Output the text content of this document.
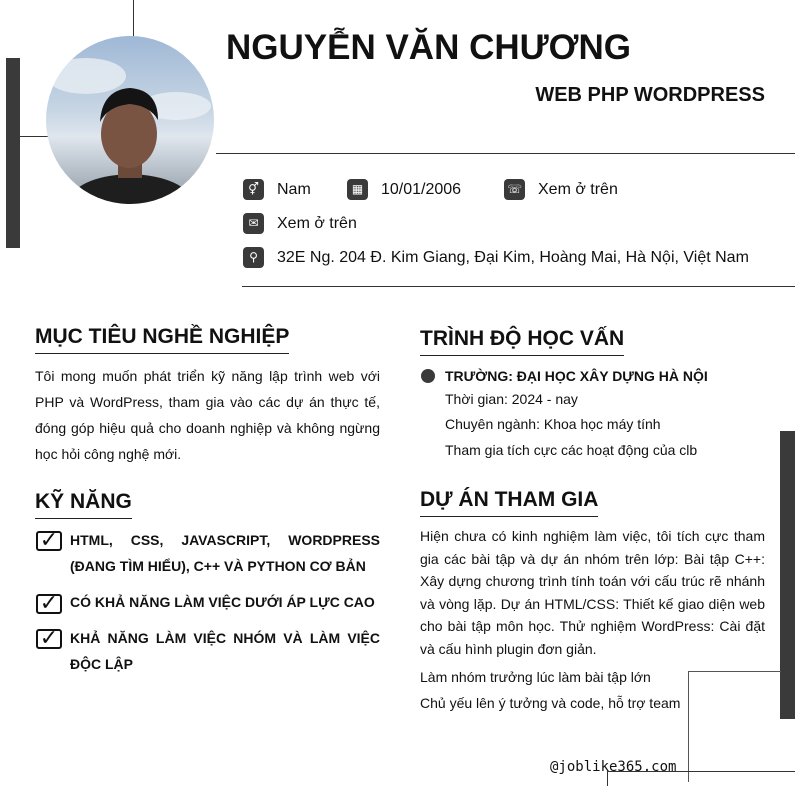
NGUYỄN VĂN CHƯƠNG
WEB PHP WORDPRESS
⚥	Nam	▦	10/01/2006	☏ Xem ở trên
✉	Xem ở trên
⚲	32E Ng. 204 Đ. Kim Giang, Đại Kim, Hoàng Mai, Hà Nội, Việt Nam
MỤC TIÊU NGHỀ NGHIỆP
Tôi mong muốn phát triển kỹ năng lập trình web với PHP và WordPress, tham gia vào các dự án thực tế, đóng góp hiệu quả cho doanh nghiệp và không ngừng học hỏi công nghệ mới.
KỸ NĂNG
✓ HTML, CSS, JAVASCRIPT, WORDPRESS (ĐANG TÌM HIỂU), C++ VÀ PYTHON CƠ BẢN
✓ CÓ KHẢ NĂNG LÀM VIỆC DƯỚI ÁP LỰC CAO
✓ KHẢ NĂNG LÀM VIỆC NHÓM VÀ LÀM VIỆC ĐỘC LẬP
TRÌNH ĐỘ HỌC VẤN
TRƯỜNG: ĐẠI HỌC XÂY DỰNG HÀ NỘI
Thời gian: 2024 - nay
Chuyên ngành: Khoa học máy tính
Tham gia tích cực các hoạt động của clb
DỰ ÁN THAM GIA
Hiện chưa có kinh nghiệm làm việc, tôi tích cực tham gia các bài tập và dự án nhóm trên lớp: Bài tập C++: Xây dựng chương trình tính toán với cấu trúc rẽ nhánh và vòng lặp. Dự án HTML/CSS: Thiết kế giao diện web cho bài tập môn học. Thử nghiệm WordPress: Cài đặt và cấu hình plugin đơn giản.
Làm nhóm trưởng lúc làm bài tập lớn
Chủ yếu lên ý tưởng và code, hỗ trợ team
@joblike365.com
